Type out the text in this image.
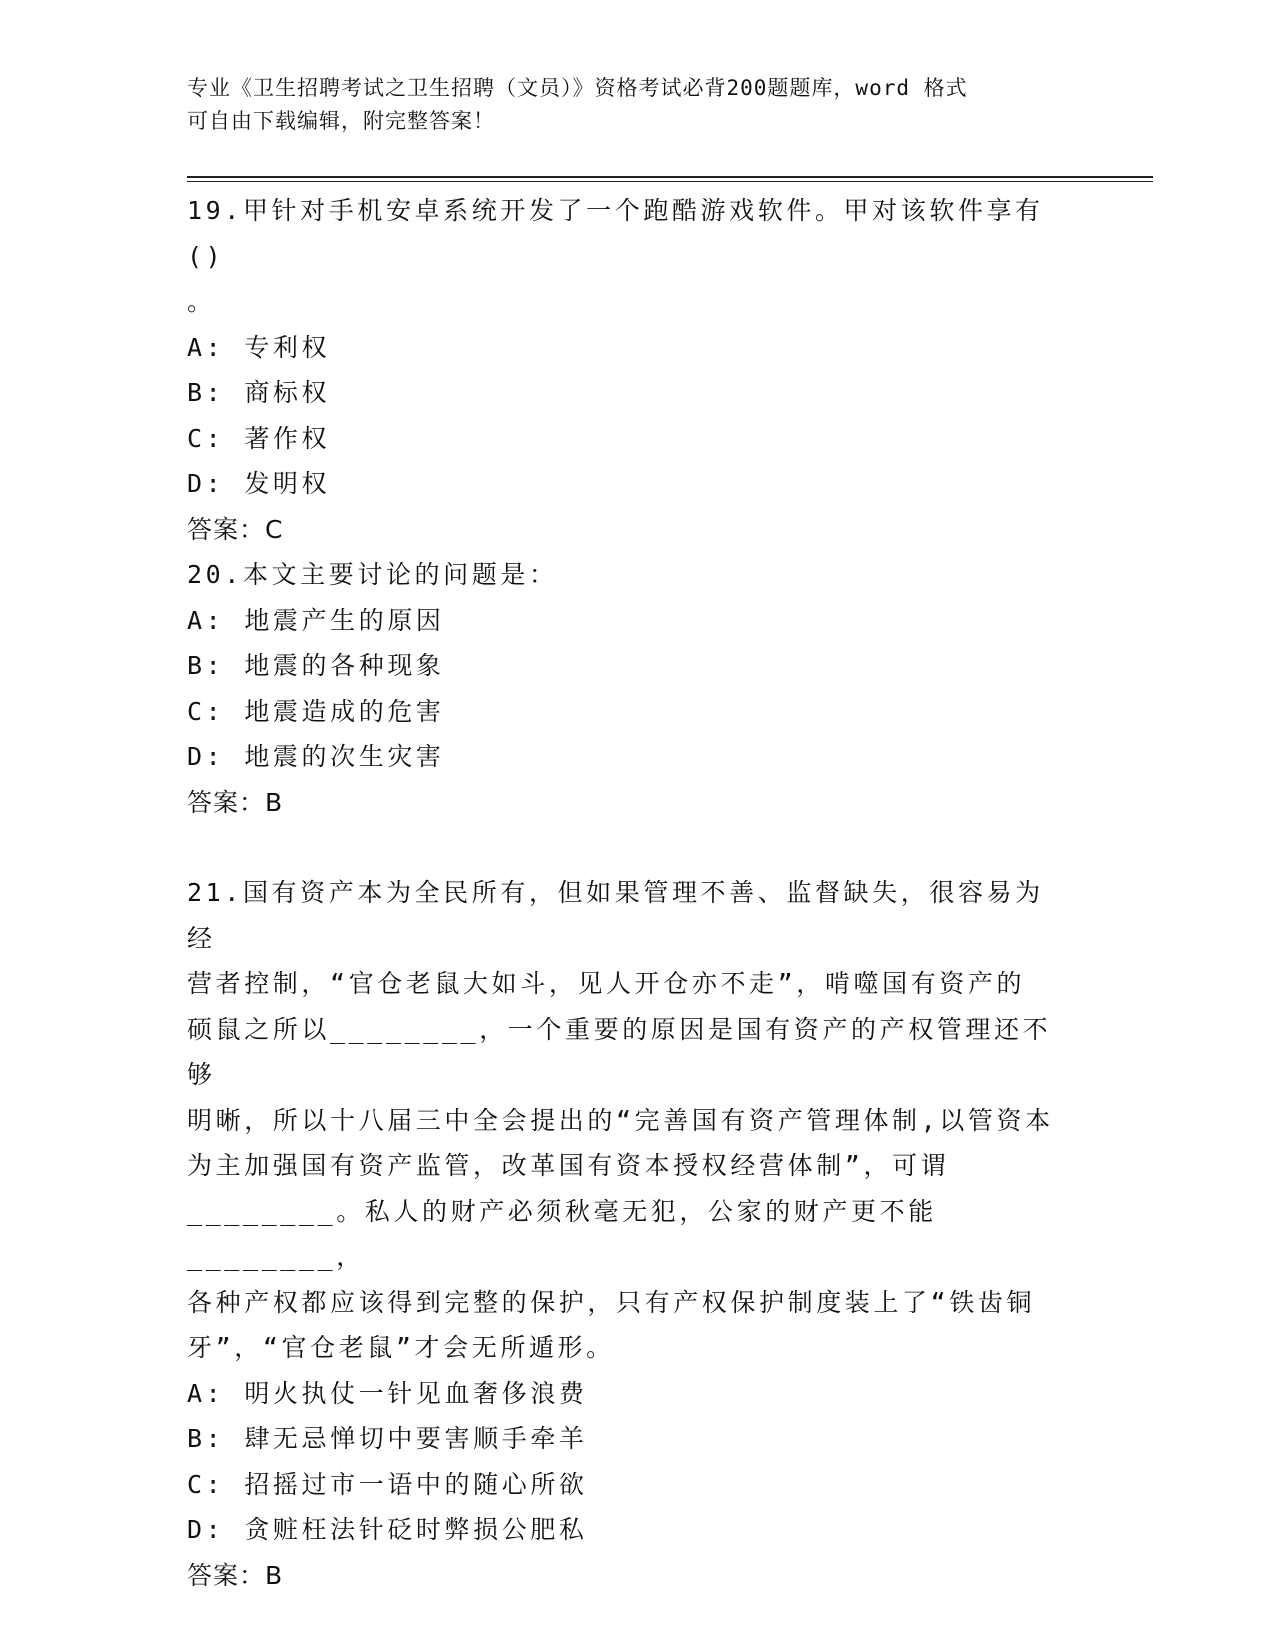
专业《卫生招聘考试之卫生招聘（文员）》资格考试必背200题题库，word 格式
可自由下载编辑，附完整答案！
19.甲针对手机安卓系统开发了一个跑酷游戏软件。甲对该软件享有()
。
A: 专利权
B: 商标权
C: 著作权
D: 发明权
答案：C
20.本文主要讨论的问题是：
A: 地震产生的原因
B: 地震的各种现象
C: 地震造成的危害
D: 地震的次生灾害
答案：B
21.国有资产本为全民所有，但如果管理不善、监督缺失，很容易为经
营者控制，“官仓老鼠大如斗，见人开仓亦不走”，啃噬国有资产的
硕鼠之所以________，一个重要的原因是国有资产的产权管理还不够
明晰，所以十八届三中全会提出的“完善国有资产管理体制,以管资本
为主加强国有资产监管，改革国有资本授权经营体制”，可谓
________。私人的财产必须秋毫无犯，公家的财产更不能________，
各种产权都应该得到完整的保护，只有产权保护制度装上了“铁齿铜
牙”，“官仓老鼠”才会无所遁形。
A: 明火执仗一针见血奢侈浪费
B: 肆无忌惮切中要害顺手牵羊
C: 招摇过市一语中的随心所欲
D: 贪赃枉法针砭时弊损公肥私
答案：B
